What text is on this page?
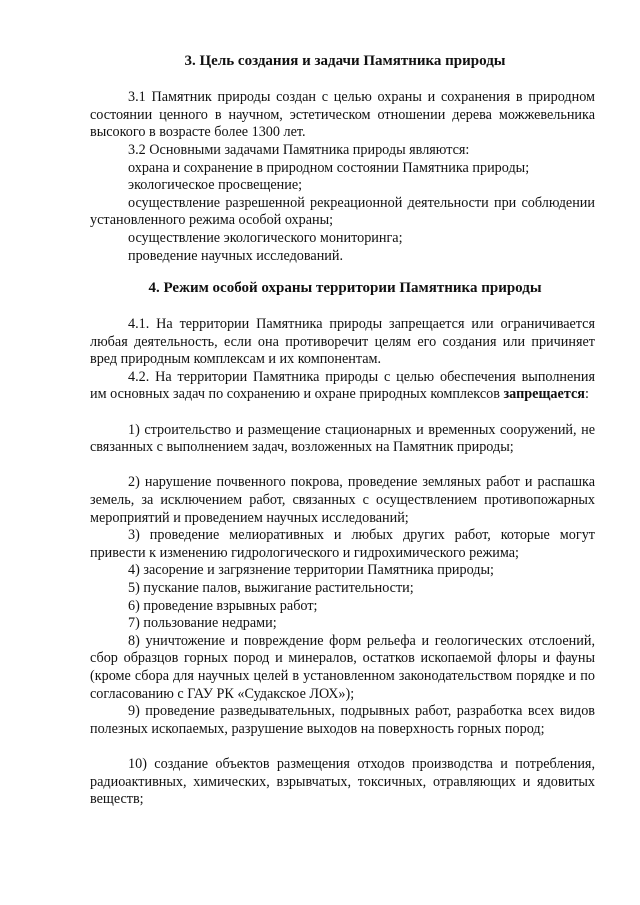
3. Цель создания и задачи Памятника природы

3.1 Памятник природы создан с целью охраны и сохранения в природном состоянии ценного в научном, эстетическом отношении дерева можжевельника высокого в возрасте более 1300 лет.

3.2 Основными задачами Памятника природы являются:

охрана и сохранение в природном состоянии Памятника природы;

экологическое просвещение;

осуществление разрешенной рекреационной деятельности при соблюдении установленного режима особой охраны;

осуществление экологического мониторинга;

проведение научных исследований.

4. Режим особой охраны территории Памятника природы

4.1. На территории Памятника природы запрещается или ограничивается любая деятельность, если она противоречит целям его создания или причиняет вред природным комплексам и их компонентам.

4.2. На территории Памятника природы с целью обеспечения выполнения им основных задач по сохранению и охране природных комплексов запрещается:

1) строительство и размещение стационарных и временных сооружений, не связанных с выполнением задач, возложенных на Памятник природы;

2) нарушение почвенного покрова, проведение земляных работ и распашка земель, за исключением работ, связанных с осуществлением противопожарных мероприятий и проведением научных исследований;

3) проведение мелиоративных и любых других работ, которые могут привести к изменению гидрологического и гидрохимического режима;

4) засорение и загрязнение территории Памятника природы;

5) пускание палов, выжигание растительности;

6) проведение взрывных работ;

7) пользование недрами;

8) уничтожение и повреждение форм рельефа и геологических отслоений, сбор образцов горных пород и минералов, остатков ископаемой флоры и фауны (кроме сбора для научных целей в установленном законодательством порядке и по согласованию с ГАУ РК «Судакское ЛОХ»);

9) проведение разведывательных, подрывных работ, разработка всех видов полезных ископаемых, разрушение выходов на поверхность горных пород;

10) создание объектов размещения отходов производства и потребления, радиоактивных, химических, взрывчатых, токсичных, отравляющих и ядовитых веществ;
